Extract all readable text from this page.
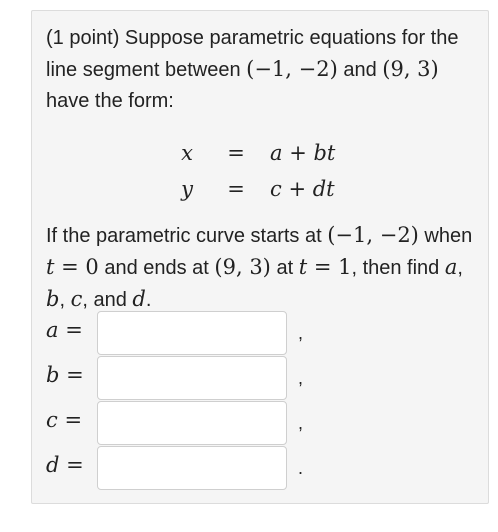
(1 point) Suppose parametric equations for the line segment between (−1, −2) and (9, 3) have the form:

x	=	a + bt
y	=	c + dt

If the parametric curve starts at (−1, −2) when t = 0 and ends at (9, 3) at t = 1, then find a, b, c, and d.

a =	,
b =	,
c =	,
d =	.
